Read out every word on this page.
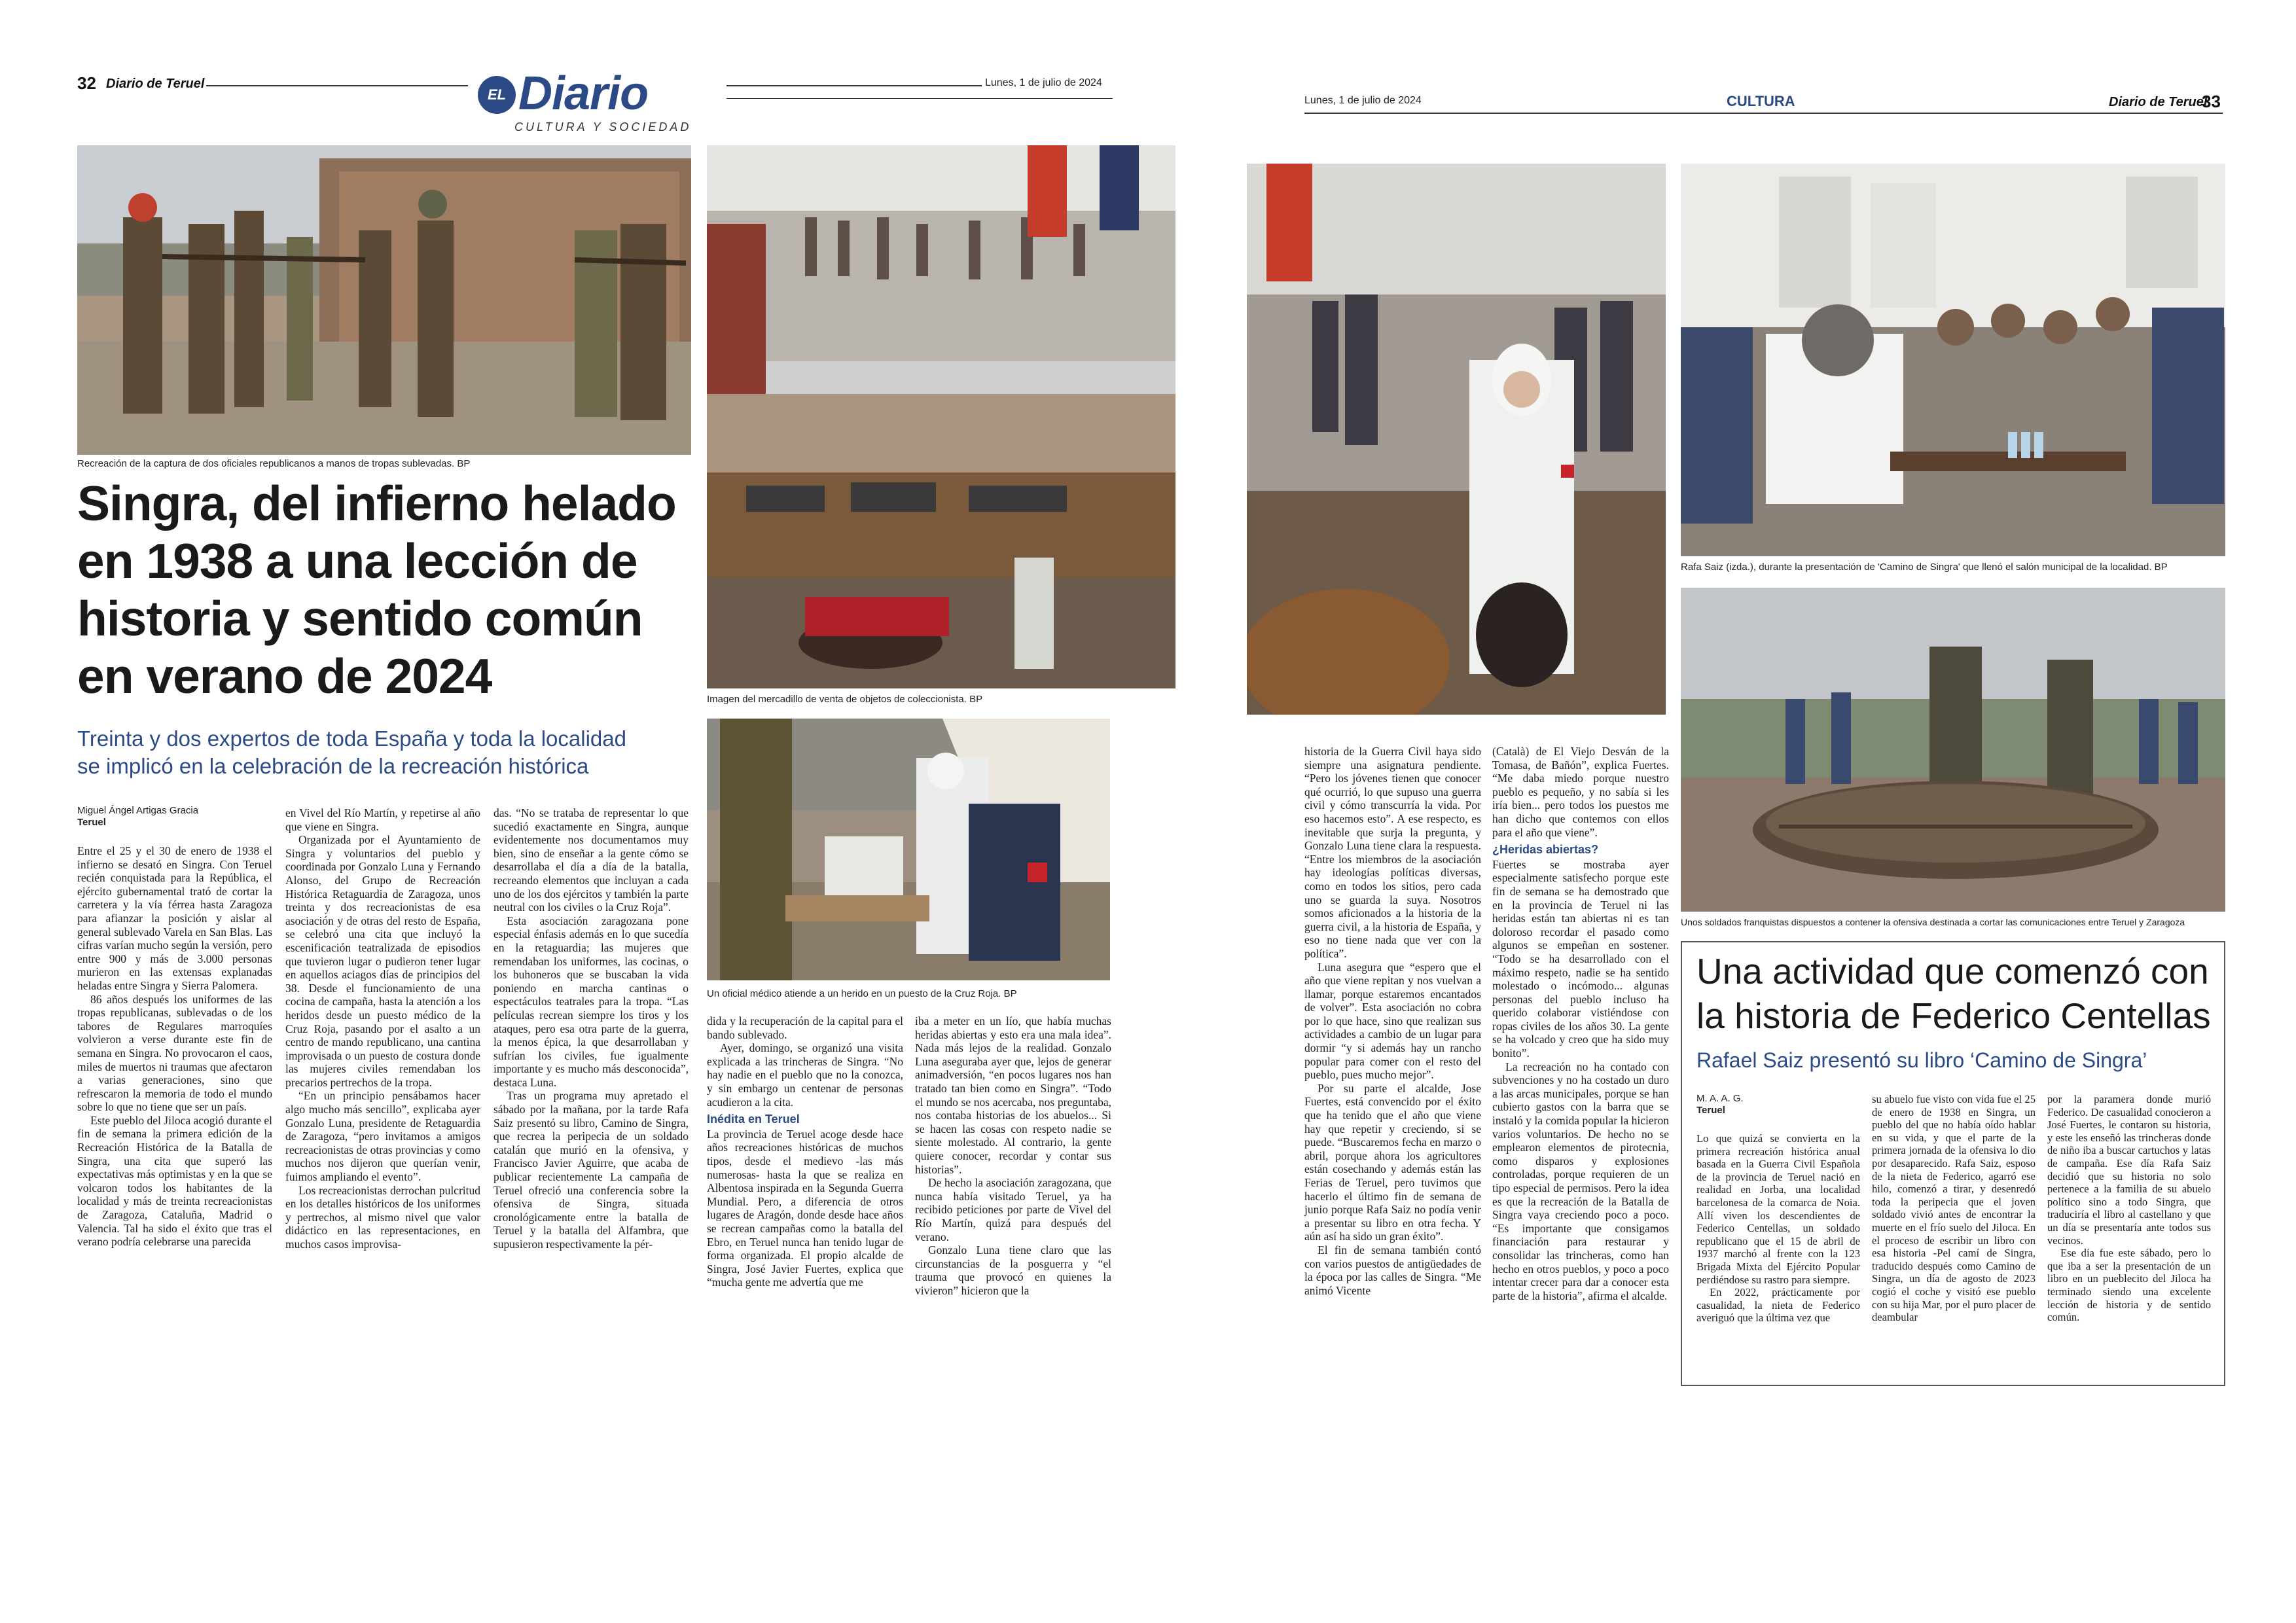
32 Diario de Teruel
EL Diario
CULTURA Y SOCIEDAD
Lunes, 1 de julio de 2024
Lunes, 1 de julio de 2024	CULTURA	Diario de Teruel
33
Recreación de la captura de dos oficiales republicanos a manos de tropas sublevadas. BP
Imagen del mercadillo de venta de objetos de coleccionista. BP
Un oficial médico atiende a un herido en un puesto de la Cruz Roja. BP
Singra, del infierno helado
en 1938 a una lección de
historia y sentido común
en verano de 2024
Treinta y dos expertos de toda España y toda la localidad
se implicó en la celebración de la recreación histórica
Miguel Ángel Artigas Gracia
Teruel

Entre el 25 y el 30 de enero de 1938 el infierno se desató en Singra. Con Teruel recién conquistada para la República, el ejército gubernamental trató de cortar la carretera y la vía férrea hasta Zaragoza para afianzar la posición y aislar al general sublevado Varela en San Blas. Las cifras varían mucho según la versión, pero entre 900 y más de 3.000 personas murieron en las extensas explanadas heladas entre Singra y Sierra Palomera.

86 años después los uniformes de las tropas republicanas, sublevadas o de los tabores de Regulares marroquíes volvieron a verse durante este fin de semana en Singra. No provocaron el caos, miles de muertos ni traumas que afectaron a varias generaciones, sino que refrescaron la memoria de todo el mundo sobre lo que no tiene que ser un país.

Este pueblo del Jiloca acogió durante el fin de semana la primera edición de la Recreación Histórica de la Batalla de Singra, una cita que superó las expectativas más optimistas y en la que se volcaron todos los habitantes de la localidad y más de treinta recreacionistas de Zaragoza, Cataluña, Madrid o Valencia. Tal ha sido el éxito que tras el verano podría celebrarse una parecida

en Vivel del Río Martín, y repetirse al año que viene en Singra.

Organizada por el Ayuntamiento de Singra y voluntarios del pueblo y coordinada por Gonzalo Luna y Fernando Alonso, del Grupo de Recreación Histórica Retaguardia de Zaragoza, unos treinta y dos recreacionistas de esa asociación y de otras del resto de España, se celebró una cita que incluyó la escenificación teatralizada de episodios que tuvieron lugar o pudieron tener lugar en aquellos aciagos días de principios del 38. Desde el funcionamiento de una cocina de campaña, hasta la atención a los heridos desde un puesto médico de la Cruz Roja, pasando por el asalto a un centro de mando republicano, una cantina improvisada o un puesto de costura donde las mujeres civiles remendaban los precarios pertrechos de la tropa.

“En un principio pensábamos hacer algo mucho más sencillo”, explicaba ayer Gonzalo Luna, presidente de Retaguardia de Zaragoza, “pero invitamos a amigos recreacionistas de otras provincias y como muchos nos dijeron que querían venir, fuimos ampliando el evento”.

Los recreacionistas derrochan pulcritud en los detalles históricos de los uniformes y pertrechos, al mismo nivel que valor didáctico en las representaciones, en muchos casos improvisa-

das. “No se trataba de representar lo que sucedió exactamente en Singra, aunque evidentemente nos documentamos muy bien, sino de enseñar a la gente cómo se desarrollaba el día a día de la batalla, recreando elementos que incluyan a cada uno de los dos ejércitos y también la parte neutral con los civiles o la Cruz Roja”.

Esta asociación zaragozana pone especial énfasis además en lo que sucedía en la retaguardia; las mujeres que remendaban los uniformes, las cocinas, o los buhoneros que se buscaban la vida poniendo en marcha cantinas o espectáculos teatrales para la tropa. “Las películas recrean siempre los tiros y los ataques, pero esa otra parte de la guerra, la menos épica, la que desarrollaban y sufrían los civiles, fue igualmente importante y es mucho más desconocida”, destaca Luna.

Tras un programa muy apretado el sábado por la mañana, por la tarde Rafa Saiz presentó su libro, Camino de Singra, que recrea la peripecia de un soldado catalán que murió en la ofensiva, y Francisco Javier Aguirre, que acaba de publicar recientemente La campaña de Teruel ofreció una conferencia sobre la ofensiva de Singra, situada cronológicamente entre la batalla de Teruel y la batalla del Alfambra, que supusieron respectivamente la pér-

dida y la recuperación de la capital para el bando sublevado.

Ayer, domingo, se organizó una visita explicada a las trincheras de Singra. “No hay nadie en el pueblo que no la conozca, y sin embargo un centenar de personas acudieron a la cita.

Inédita en Teruel

La provincia de Teruel acoge desde hace años recreaciones históricas de muchos tipos, desde el medievo -las más numerosas- hasta la que se realiza en Albentosa inspirada en la Segunda Guerra Mundial. Pero, a diferencia de otros lugares de Aragón, donde desde hace años se recrean campañas como la batalla del Ebro, en Teruel nunca han tenido lugar de forma organizada. El propio alcalde de Singra, José Javier Fuertes, explica que “mucha gente me advertía que me

iba a meter en un lío, que había muchas heridas abiertas y esto era una mala idea”. Nada más lejos de la realidad. Gonzalo Luna aseguraba ayer que, lejos de generar animadversión, “en pocos lugares nos han tratado tan bien como en Singra”. “Todo el mundo se nos acercaba, nos preguntaba, nos contaba historias de los abuelos... Si se hacen las cosas con respeto nadie se siente molestado. Al contrario, la gente quiere conocer, recordar y contar sus historias”.

De hecho la asociación zaragozana, que nunca había visitado Teruel, ya ha recibido peticiones por parte de Vivel del Río Martín, quizá para después del verano.

Gonzalo Luna tiene claro que las circunstancias de la posguerra y “el trauma que provocó en quienes la vivieron” hicieron que la

Rafa Saiz (izda.), durante la presentación de 'Camino de Singra' que llenó el salón municipal de la localidad. BP
Unos soldados franquistas dispuestos a contener la ofensiva destinada a cortar las comunicaciones entre Teruel y Zaragoza

historia de la Guerra Civil haya sido siempre una asignatura pendiente. “Pero los jóvenes tienen que conocer qué ocurrió, lo que supuso una guerra civil y cómo transcurría la vida. Por eso hacemos esto”. A ese respecto, es inevitable que surja la pregunta, y Gonzalo Luna tiene clara la respuesta. “Entre los miembros de la asociación hay ideologías políticas diversas, como en todos los sitios, pero cada uno se guarda la suya. Nosotros somos aficionados a la historia de la guerra civil, a la historia de España, y eso no tiene nada que ver con la política”.

Luna asegura que “espero que el año que viene repitan y nos vuelvan a llamar, porque estaremos encantados de volver”. Esta asociación no cobra por lo que hace, sino que realizan sus actividades a cambio de un lugar para dormir “y si además hay un rancho popular para comer con el resto del pueblo, pues mucho mejor”.

Por su parte el alcalde, Jose Fuertes, está convencido por el éxito que ha tenido que el año que viene hay que repetir y creciendo, si se puede. “Buscaremos fecha en marzo o abril, porque ahora los agricultores están cosechando y además están las Ferias de Teruel, pero tuvimos que hacerlo el último fin de semana de junio porque Rafa Saiz no podía venir a presentar su libro en otra fecha. Y aún así ha sido un gran éxito”.

El fin de semana también contó con varios puestos de antigüedades de la época por las calles de Singra. “Me animó Vicente

(Català) de El Viejo Desván de la Tomasa, de Bañón”, explica Fuertes. “Me daba miedo porque nuestro pueblo es pequeño, y no sabía si les iría bien... pero todos los puestos me han dicho que contemos con ellos para el año que viene”.

¿Heridas abiertas?

Fuertes se mostraba ayer especialmente satisfecho porque este fin de semana se ha demostrado que en la provincia de Teruel ni las heridas están tan abiertas ni es tan doloroso recordar el pasado como algunos se empeñan en sostener. “Todo se ha desarrollado con el máximo respeto, nadie se ha sentido molestado o incómodo... algunas personas del pueblo incluso ha querido colaborar vistiéndose con ropas civiles de los años 30. La gente se ha volcado y creo que ha sido muy bonito”.

La recreación no ha contado con subvenciones y no ha costado un duro a las arcas municipales, porque se han cubierto gastos con la barra que se instaló y la comida popular la hicieron varios voluntarios. De hecho no se emplearon elementos de pirotecnia, como disparos y explosiones controladas, porque requieren de un tipo especial de permisos. Pero la idea es que la recreación de la Batalla de Singra vaya creciendo poco a poco. “Es importante que consigamos financiación para restaurar y consolidar las trincheras, como han hecho en otros pueblos, y poco a poco intentar crecer para dar a conocer esta parte de la historia”, afirma el alcalde.

Una actividad que comenzó con
la historia de Federico Centellas
Rafael Saiz presentó su libro ‘Camino de Singra’
M. A. A. G.
Teruel

Lo que quizá se convierta en la primera recreación histórica anual basada en la Guerra Civil Española de la provincia de Teruel nació en realidad en Jorba, una localidad barcelonesa de la comarca de Noia. Allí viven los descendientes de Federico Centellas, un soldado republicano que el 15 de abril de 1937 marchó al frente con la 123 Brigada Mixta del Ejército Popular perdiéndose su rastro para siempre.

En 2022, prácticamente por casualidad, la nieta de Federico averiguó que la última vez que

su abuelo fue visto con vida fue el 25 de enero de 1938 en Singra, un pueblo del que no había oído hablar en su vida, y que el parte de la primera jornada de la ofensiva lo dio por desaparecido. Rafa Saiz, esposo de la nieta de Federico, agarró ese hilo, comenzó a tirar, y desenredó toda la peripecia que el joven soldado vivió antes de encontrar la muerte en el frío suelo del Jiloca. En el proceso de escribir un libro con esa historia -Pel camí de Singra, traducido después como Camino de Singra, un día de agosto de 2023 cogió el coche y visitó ese pueblo con su hija Mar, por el puro placer de deambular

por la paramera donde murió Federico. De casualidad conocieron a José Fuertes, le contaron su historia, y este les enseñó las trincheras donde de niño iba a buscar cartuchos y latas de campaña. Ese día Rafa Saiz decidió que su historia no solo pertenece a la familia de su abuelo político sino a todo Singra, que traduciría el libro al castellano y que un día se presentaría ante todos sus vecinos.

Ese día fue este sábado, pero lo que iba a ser la presentación de un libro en un pueblecito del Jiloca ha terminado siendo una excelente lección de historia y de sentido común.
